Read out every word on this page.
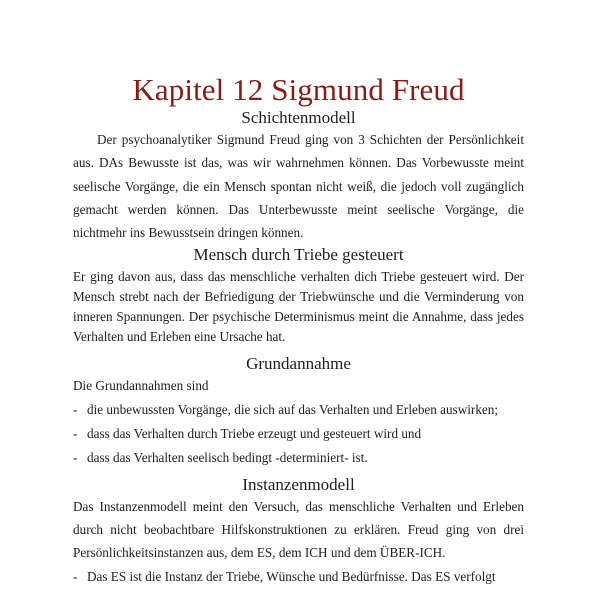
Kapitel 12 Sigmund Freud
Schichtenmodell

Der psychoanalytiker Sigmund Freud ging von 3 Schichten der Persönlichkeit aus. DAs Bewusste ist das, was wir wahrnehmen können. Das Vorbewusste meint seelische Vorgänge, die ein Mensch spontan nicht weiß, die jedoch voll zugänglich gemacht werden können. Das Unterbewusste meint seelische Vorgänge, die nichtmehr ins Bewusstsein dringen können.

Mensch durch Triebe gesteuert

Er ging davon aus, dass das menschliche verhalten dich Triebe gesteuert wird. Der Mensch strebt nach der Befriedigung der Triebwünsche und die Verminderung von inneren Spannungen. Der psychische Determinismus meint die Annahme, dass jedes Verhalten und Erleben eine Ursache hat.

Grundannahme

Die Grundannahmen sind

- die unbewussten Vorgänge, die sich auf das Verhalten und Erleben auswirken;
- dass das Verhalten durch Triebe erzeugt und gesteuert wird und
- dass das Verhalten seelisch bedingt -determiniert- ist.
Instanzenmodell

Das Instanzenmodell meint den Versuch, das menschliche Verhalten und Erleben durch nicht beobachtbare Hilfskonstruktionen zu erklären. Freud ging von drei Persönlichkeitsinstanzen aus, dem ES, dem ICH und dem ÜBER-ICH.

- Das ES ist die Instanz der Triebe, Wünsche und Bedürfnisse. Das ES verfolgt
